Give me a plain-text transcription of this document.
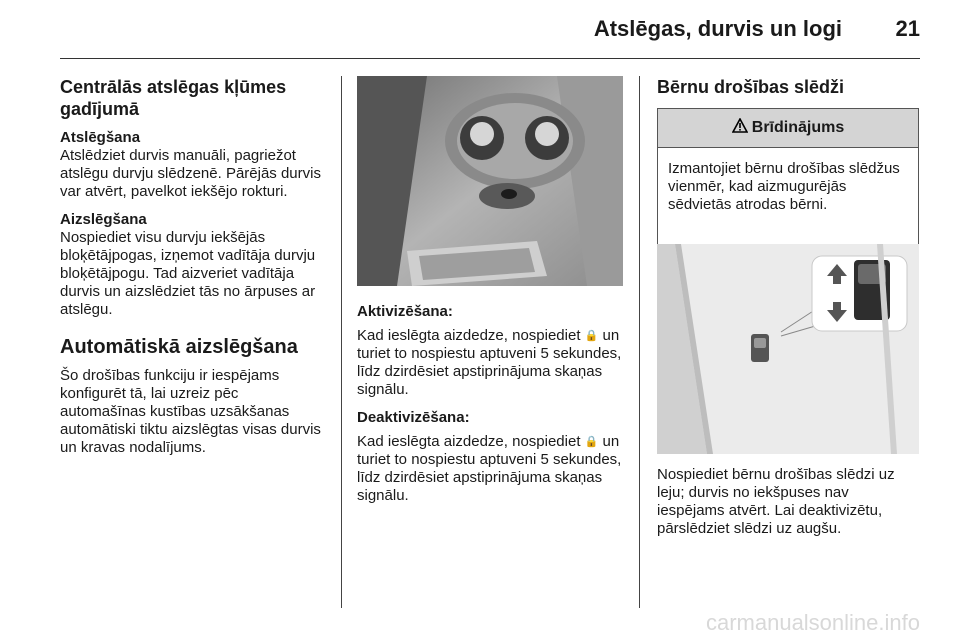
Atslēgas, durvis un logi 21
Centrālās atslēgas kļūmes gadījumā
Atslēgšana

Atslēdziet durvis manuāli, pagriežot atslēgu durvju slēdzenē. Pārējās durvis var atvērt, pavelkot iekšējo rokturi.

Aizslēgšana

Nospiediet visu durvju iekšējās bloķētājpogas, izņemot vadītāja durvju bloķētājpogu. Tad aizveriet vadītāja durvis un aizslēdziet tās no ārpuses ar atslēgu.

Automātiskā aizslēgšana

Šo drošības funkciju ir iespējams konfigurēt tā, lai uzreiz pēc automašīnas kustības uzsākšanas automātiski tiktu aizslēgtas visas durvis un kravas nodalījums.

Aktivizēšana:

Kad ieslēgta aizdedze, nospiediet 🔒 un turiet to nospiestu aptuveni 5 sekundes, līdz dzirdēsiet apstiprinājuma skaņas signālu.

Deaktivizēšana:

Kad ieslēgta aizdedze, nospiediet 🔒 un turiet to nospiestu aptuveni 5 sekundes, līdz dzirdēsiet apstiprinājuma skaņas signālu.

Bērnu drošības slēdži
Brīdinājums
Izmantojiet bērnu drošības slēdžus vienmēr, kad aizmugurējās sēdvietās atrodas bērni.

Nospiediet bērnu drošības slēdzi uz leju; durvis no iekšpuses nav iespējams atvērt. Lai deaktivizētu, pārslēdziet slēdzi uz augšu.

carmanualsonline.info
